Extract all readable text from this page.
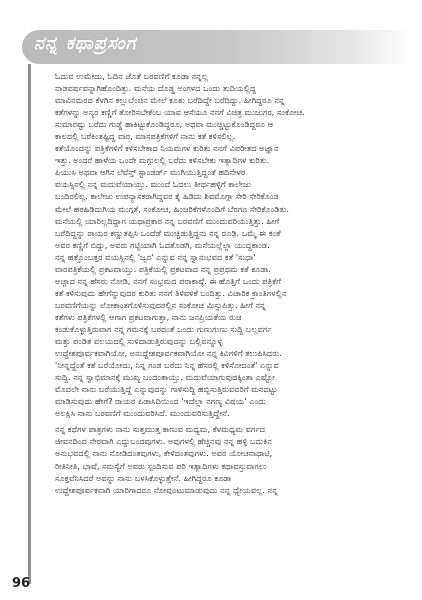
ನನ್ನ ಕಥಾಪ್ರಸಂಗ
ಓದುವ ಉಮೇದು, ಓದಿನ ಜೊತೆ ಬರವಣಿಗೆ ಕೂಡಾ ನನ್ನಲ್ಲ
ನಾಡವರ್ಷವನ್ನಾಗಿಹೊಂದಿತ್ತು. ಮನೆಯ ದೊಡ್ಡ ಅಂಗಳದ ಒಂದು ತುದಿಯಲ್ಲಿದ್ದ
ಮಾವಿನಮರದ ಕೆಳಗಿನ ಕಲ್ಲುಬೆಂಚಿನ ಮೇಲೆ ಕೂತು ಬರೆದಿದ್ದೇ ಬರೆದಿದ್ದು. ಹೀಗಿದ್ದರೂ ನನ್ನ
ಕತೆಗಳನ್ನು ಅನ್ಯರ ಕಣ್ಣಿಗೆ ತೋರಿಸಬೇಕೆಂಬ ಯಾವ ಆಸೆಯೂ ನನಗೆ ವಿಚಿತ್ರ ಮುಜುಗರ, ಸಂಕೋಚ.
ಸುಮಾರಷ್ಟು ಬರೆದು ಗುಡ್ಡೆ ಹಾಕಿಟ್ಟುಕೊಂಡಿದ್ದರೂ, ಅಥವಾ ಮುಚ್ಚಿಟ್ಟುಕೊಂಡಿದ್ದರೂ ಆ
ಕಾಲದಲ್ಲಿ ಬರೆಕಿಂತಷ್ಟಿದ್ದ ವಾರ, ಮಾಸಪತ್ರಿಕೆಗಳಿಗೆ ನಾನು ಕತೆ ಕಳಿಸಲಿಲ್ಲ.
ಕತೆಯೊಂದನ್ನು ಪತ್ರಿಕೆಗಳಿಗೆ ಕಳಿಸಬೇಕಾದ ನಿಯಮಗಳ ಕುರಿತು ನನಗೆ ವಿಪರೀತದ ಅಜ್ಞಾನ
ಇತ್ತು. ಅಂದರೆ ಹಾಳೆಯ ಒಂದೇ ಮಗ್ಗುಲಲ್ಲಿ ಬರೆದು ಕಳಿಸಬೇಕು ಇತ್ಯಾದಿಗಳ ಕುರಿತು.
ಪಿಯುಸಿ ಅಥವಾ ಆಗಿನ ಲೆವೆನ್ತ್ ಸ್ಟಾಂಡರ್ಡ್ ಮುಗಿಯುತ್ತಿದ್ದಂತೆ ಹದಿನೇಳರ
ವಯಸ್ಸಿನಲ್ಲಿ ನನ್ನ ಮದುವೆಯಾಯ್ತು. ಮುಂದೆ ಓದಲು ತೀರ್ಥಹಳ್ಳಿಗೆ ಕಾಲೇಜು
ಬಂದಿರಲಿಲ್ಲ. ಕಾಲೇಜು ಉಪನ್ಯಾಸಕರಾಗಿದ್ದವರ ಕೈ ಹಿಡಿದು ಶಿವಮೊಗ್ಗಾ ಸೇರಿ ಸೇರಿಕೊಂಡ
ಮೇಲೆ ಹಠಹಿಡಿದುಗಿಯ ಮುಗ್ಗತೆ, ಸಂಕೋಚ, ಹಿಂಜರಿಕೆಗಳೊಂದಿಗೆ ಬೆರಗೂ ಸೇರಿಕೊಂಡಿತು.
ಮನೆಯಲ್ಲಿ ಯಾರಿಲ್ಲದಿದ್ದಾಗ ಯಥಾಪ್ರಕಾರ ನನ್ನ ಬರವಣಿಗೆ ಮುಂದುವರಿಯುತ್ತಿತ್ತು. ಹೀಗೆ
ಬರೆದಿದ್ದನ್ನು ರಾಯರ ಕಣ್ಣುತಪ್ಪಿಸಿ ಒಂದೆಡೆ ಮುಚ್ಚಿಡುತ್ತಿದ್ದನು ನನ್ನ ರೂಢಿ. ಒಮ್ಮೆ ಈ ಕಂತೆ
ಅವರ ಕಣ್ಣಿಗೆ ಬಿದ್ದು, ಅವರು ಗಟ್ಟಿಯಾಗಿ ಓದತೊಡಗಿ, ಮನೆಯಲ್ಲೆಲ್ಲಾ ಯುದ್ಧಕಾಂಡ.
ನನ್ನ ಹತ್ತೊಂಬತ್ತರ ವಯಸ್ಸಿನಲ್ಲಿ 'ಜ್ವರ' ಎನ್ನುವ ನನ್ನ ಸ್ವಾನುಭವದ ಕತೆ 'ಸುಧಾ'
ವಾರಪತ್ರಿಕೆಯಲ್ಲಿ ಪ್ರಕಟವಾಯ್ತು. ಪತ್ರಿಕೆಯಲ್ಲಿ ಪ್ರಕಟವಾದ ನನ್ನ ಪ್ರಪ್ರಥಮ ಕತೆ ಕೂಡಾ.
ಅಚ್ಚಾದ ನನ್ನ ಹೆಸರು ನೋಡಿ, ನನಗೆ ಸಂಭ್ರಮದ ಪರಾಕಾಷ್ಠೆ. ಈ ಹೊತ್ತಿಗೆ ಒಂದು ಪತ್ರಿಕೆಗೆ
ಕತೆ ಕಳಿಸುವುದು ಹೇಗೆನ್ನುವುದರ ಕುರಿತು ನನಗೆ ತಿಳಿವಳಿಕೆ ಬಂದಿತ್ತು. ವಿಚಾರಿಕ ಕ್ರಾಂತಿಗಳಲ್ಲಿನ
ಬರವಣಿಗೆಯನ್ನು ಲೋಕಾಂತಗೊಳಿಸುವುದರಲ್ಲಿನ ಸಂಕೋಚ ಮಿಸ್ಸುಪಿತ್ತು. ಹೀಗೆ ನನ್ನ
ಕತೆಗಳು ಪತ್ರಿಕೆಗಳಲ್ಲಿ ಆಗಾಗ ಪ್ರಕಟವಾಗುತ್ತಾ, ನಾನು ಜನಪ್ರಿಯತೆಯ ರುಚಿ
ಕಂಡುಕೊಳ್ಳುತ್ತಿರುವಾಗ ನನ್ನ ಗಮನಕ್ಕೆ ಬರದಂತೆ ಒಂದು ಗುಣುಗುಣು ಸುದ್ದಿ ಬಲ್ಲವರ್ಗ
ಮತ್ತು ಪಂಡಿತ ವಲಯದಲ್ಲಿ ಸುಳಿದಾಡುತ್ತಿರುವುದನ್ನು ಬಲ್ಲಿವನ್ನೂಳ್ಳ
ಉದ್ದೇಶಪೂರ್ವಕವಾಗಿಯೋ, ಅನುದ್ದೇಶಪೂರ್ವಕವಾಗಿಯೋ ನನ್ನ ಕಿವಿಗಳಿಗೆ ತಲುಪಿಸಿದರು.
'ನೀನ್ನದ್ದೆಂತೆ ಕತೆ ಬರೆಯೋದು, ನಿನ್ನ ಗಂಡ ಬರೆದು ನಿನ್ನ ಹೆಸರಲ್ಲಿ ಕಳಿಸೋದಂತೆ' ಎನ್ನುವ
ಸುದ್ದಿ. ನನ್ನ ಸ್ವಾಭಿಮಾನಕ್ಕೆ ಮುಖ್ಯ ಬಂದಂತಾಯ್ತು. ಮದುವೆಯಾಗುವುದಕ್ಕಿಂತಾ ಎಷ್ಟೋ
ಮೊದಲೇ ನಾನು ಬರೆಯುತ್ತಿದ್ದೆ ಎನ್ನುವುದನ್ನು ಗಾಳಿಸುದ್ದಿ ಹಬ್ಬಿಸುತ್ತಿರುವವರಿಗೆ ಮನದಟ್ಟು
ಮಾಡಿಸುವುದು ಹೇಗೆ? ರಾಯರ ಪಿಡಾಸಿದಿಯಿಂದ 'ಇದೆಲ್ಲಾ ನಗಣ್ಯ ವಿಷಯ' ಎಂದು
ಅಲಕ್ಷಿಸಿ ನಾನು ಬರವಣಿಗೆ ಮುಂದುವರಿಸಿದೆ. ಮುಂದುವರಿಸುತ್ತಿದ್ದೇನೆ.
ನನ್ನ ಕಥೆಗಳ ಪಾತ್ರಗಳು ನಾನು ಸುತ್ತಮುತ್ತ ಕಾಣುವ ಮಧ್ಯಮ, ಕೆಳಮಧ್ಯಮ ವರ್ಗದ
ಜೀವನದಿಂದ ನೇರವಾಗಿ ಎದ್ದುಬಂದವುಗಳು. ಅವುಗಳಲ್ಲಿ ಹೆಚ್ಚಿನವು ನನ್ನ ಹಳ್ಳಿ ಬದುಕಿನ
ಅನುಭವದಲ್ಲಿ ನಾನು ನೋಡಿದಂತವುಗಳು, ಕೇಳಿದಂತವುಗಳು. ಅವರ ಯೋಚನಾಧಾಟಿ,
ರೀತಿನೀತಿ, ಭಾಷೆ, ಸಮಸ್ಯೆಗೆ ಅವರು ಸ್ಪಂದಿಸುವ ಪರಿ ಇತ್ಯಾದಿಗಳು ಕಥಾವಸ್ತುವಾಗಲು
ಸೂಕ್ತವೆನಿಸಿದರೆ ಅವನ್ನು ನಾನು ಬಳಸಿಕೊಳ್ಳುತ್ತೇನೆ. ಹೀಗಿದ್ದರೂ ಕೂಡಾ
ಉದ್ದೇಶಪೂರ್ವಕವಾಗಿ ಯಾರಿಗಾದರೂ ನೋವುಂಟುಮಾಡುವುದು ನನ್ನ ಧ್ಯೇಯವಲ್ಲ. ನನ್ನ
96
